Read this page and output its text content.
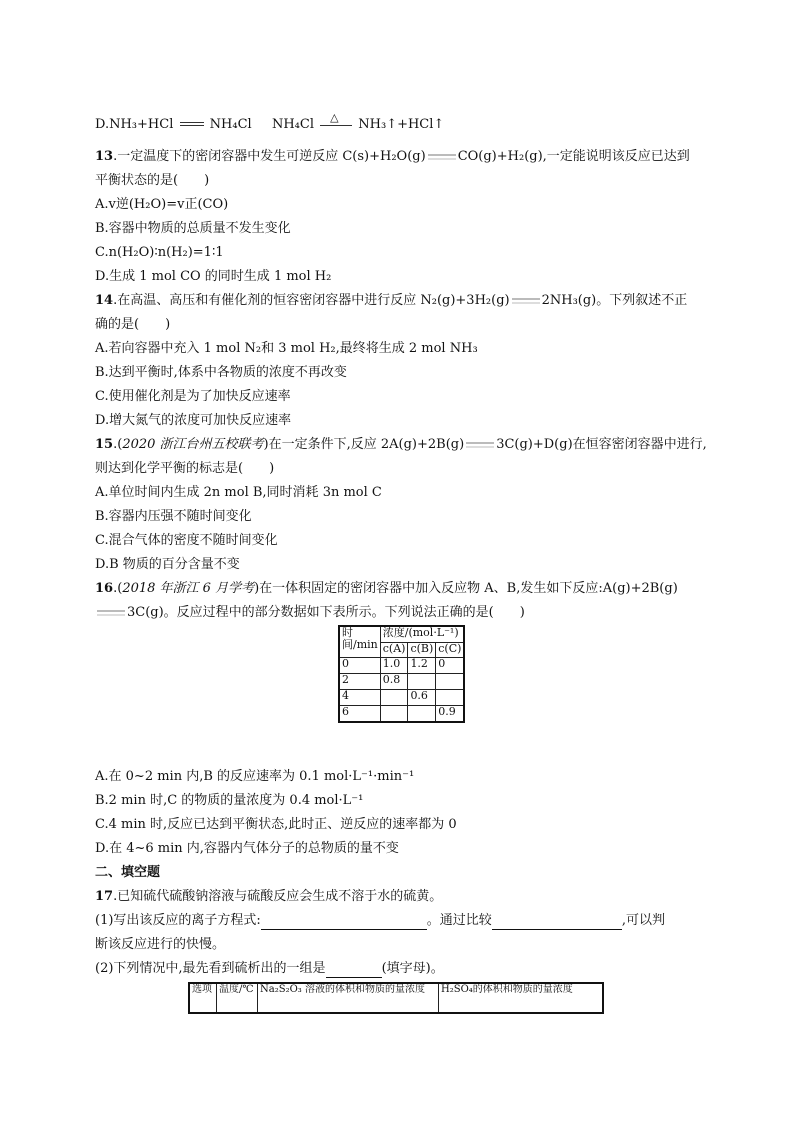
D.NH₃+HCl	NH₄Cl NH₄Cl △ NH₃↑+HCl↑
13.一定温度下的密闭容器中发生可逆反应 C(s)+H₂O(g) CO(g)+H₂(g),一定能说明该反应已达到
平衡状态的是(　　)
A.v逆(H₂O)=v正(CO)
B.容器中物质的总质量不发生变化
C.n(H₂O)∶n(H₂)=1∶1
D.生成 1 mol CO 的同时生成 1 mol H₂
14.在高温、高压和有催化剂的恒容密闭容器中进行反应 N₂(g)+3H₂(g) 2NH₃(g)。下列叙述不正
确的是(　　)
A.若向容器中充入 1 mol N₂和 3 mol H₂,最终将生成 2 mol NH₃
B.达到平衡时,体系中各物质的浓度不再改变
C.使用催化剂是为了加快反应速率
D.增大氮气的浓度可加快反应速率
15.(2020 浙江台州五校联考)在一定条件下,反应 2A(g)+2B(g) 3C(g)+D(g)在恒容密闭容器中进行,
则达到化学平衡的标志是(　　)
A.单位时间内生成 2n mol B,同时消耗 3n mol C
B.容器内压强不随时间变化
C.混合气体的密度不随时间变化
D.B 物质的百分含量不变
16.(2018 年浙江 6 月学考)在一体积固定的密闭容器中加入反应物 A、B,发生如下反应:A(g)+2B(g)
3C(g)。反应过程中的部分数据如下表所示。下列说法正确的是(　　)
时间/min	浓度/(mol·L⁻¹)		
	c(A)	c(B)	c(C)
0	1.0	1.2	0
2	0.8		
4		0.6	
6			0.9
A.在 0~2 min 内,B 的反应速率为 0.1 mol·L⁻¹·min⁻¹
B.2 min 时,C 的物质的量浓度为 0.4 mol·L⁻¹
C.4 min 时,反应已达到平衡状态,此时正、逆反应的速率都为 0
D.在 4~6 min 内,容器内气体分子的总物质的量不变
二、填空题
17.已知硫代硫酸钠溶液与硫酸反应会生成不溶于水的硫黄。
(1)写出该反应的离子方程式:	。通过比较	,可以判
断该反应进行的快慢。
(2)下列情况中,最先看到硫析出的一组是	(填字母)。
选项	温度/℃	Na₂S₂O₃ 溶液的体积和物质的量浓度	H₂SO₄的体积和物质的量浓度
